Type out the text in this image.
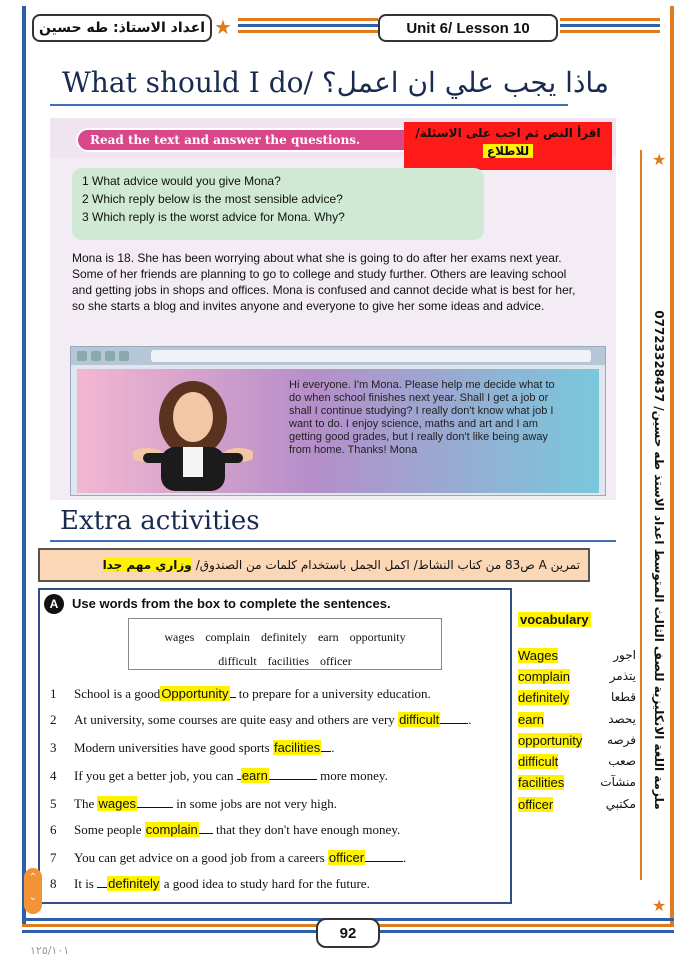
اعداد الاستاذ: طه حسين ★	Unit 6/ Lesson 10
What should I do/ ماذا يجب علي ان اعمل؟
★
ملزمة اللغة الانكليزية للصف الثالث المتوسط اعداد الاستذ طه حسين/ 07723328437
Read the text and answer the questions.	اقرأ النص ثم اجب على الاسئلة/
للاطلاع
1 What advice would you give Mona?
2 Which reply below is the most sensible advice?
3 Which reply is the worst advice for Mona. Why?
Mona is 18. She has been worrying about what she is going to do after her exams next year. Some of her friends are planning to go to college and study further. Others are leaving school and getting jobs in shops and offices. Mona is confused and cannot decide what is best for her, so she starts a blog and invites anyone and everyone to give her some ideas and advice.
Hi everyone. I'm Mona. Please help me decide what to do when school finishes next year. Shall I get a job or shall I continue studying? I really don't know what job I want to do. I enjoy science, maths and art and I am getting good grades, but I really don't like being away from home. Thanks! Mona
Extra activities
تمرين A ص83 من كتاب النشاط/ اكمل الجمل باستخدام كلمات من الصندوق/
وزاري مهم جدا
A	Use words from the box to complete the sentences.
wages complain definitely earn opportunity
difficult facilities officer
1 School is a goodOpportunity to prepare for a university education.
2 At university, some courses are quite easy and others are very difficult .
3 Modern universities have good sports facilities .
4 If you get a better job, you can earn	more money.
5 The wages	in some jobs are not very high.
6 Some people complain that they don't have enough money.
7 You can get advice on a good job from a careers officer	.
8 It is definitely a good idea to study hard for the future.
vocabulary
Wages	اجور
complain	يتذمر
definitely	قطعا
earn	يحصد
opportunity	فرصه
difficult	صعب
facilities	منشآت
officer	مكتبي
⌃
⌄	★
92
١٢٥/١٠١
